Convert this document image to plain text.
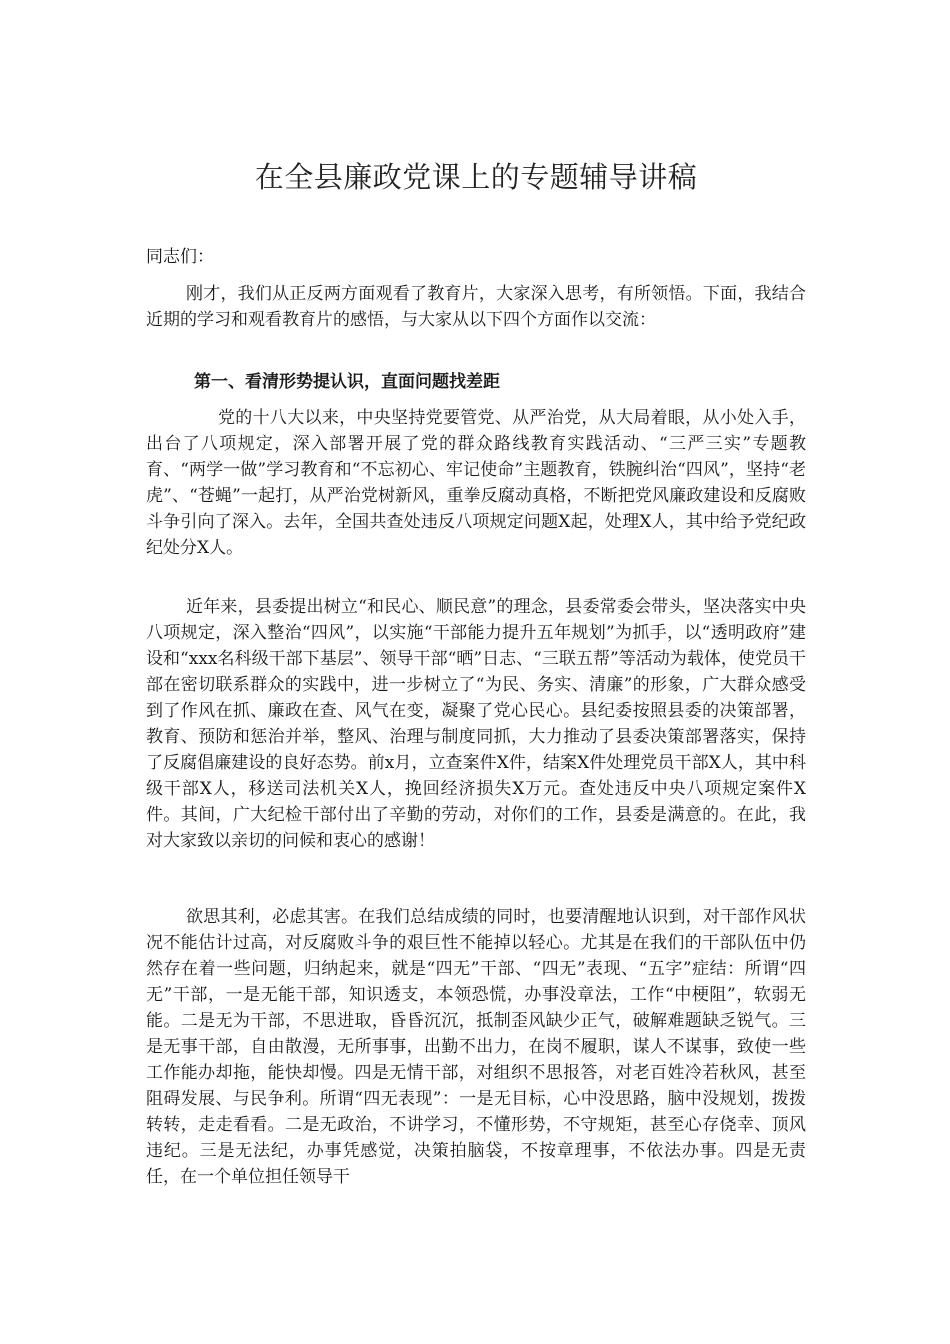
在全县廉政党课上的专题辅导讲稿

同志们：

刚才，我们从正反两方面观看了教育片，大家深入思考，有所领悟。下面，我结合近期的学习和观看教育片的感悟，与大家从以下四个方面作以交流：

第一、看清形势提认识，直面问题找差距

党的十八大以来，中央坚持党要管党、从严治党，从大局着眼，从小处入手，出台了八项规定，深入部署开展了党的群众路线教育实践活动、“三严三实”专题教育、“两学一做”学习教育和“不忘初心、牢记使命”主题教育，铁腕纠治“四风”，坚持“老虎”、“苍蝇”一起打，从严治党树新风，重拳反腐动真格，不断把党风廉政建设和反腐败斗争引向了深入。去年，全国共查处违反八项规定问题X起，处理X人，其中给予党纪政纪处分X人。

近年来，县委提出树立“和民心、顺民意”的理念，县委常委会带头，坚决落实中央八项规定，深入整治“四风”，以实施“干部能力提升五年规划”为抓手，以“透明政府”建设和“xxx名科级干部下基层”、领导干部“晒”日志、“三联五帮”等活动为载体，使党员干部在密切联系群众的实践中，进一步树立了“为民、务实、清廉”的形象，广大群众感受到了作风在抓、廉政在查、风气在变，凝聚了党心民心。县纪委按照县委的决策部署，教育、预防和惩治并举，整风、治理与制度同抓，大力推动了县委决策部署落实，保持了反腐倡廉建设的良好态势。前x月，立查案件X件，结案X件处理党员干部X人，其中科级干部X人，移送司法机关X人，挽回经济损失X万元。查处违反中央八项规定案件X件。其间，广大纪检干部付出了辛勤的劳动，对你们的工作，县委是满意的。在此，我对大家致以亲切的问候和衷心的感谢！

欲思其利，必虑其害。在我们总结成绩的同时，也要清醒地认识到，对干部作风状况不能估计过高，对反腐败斗争的艰巨性不能掉以轻心。尤其是在我们的干部队伍中仍然存在着一些问题，归纳起来，就是“四无”干部、“四无”表现、“五字”症结：所谓“四无”干部，一是无能干部，知识透支，本领恐慌，办事没章法，工作“中梗阻”，软弱无能。二是无为干部，不思进取，昏昏沉沉，抵制歪风缺少正气，破解难题缺乏锐气。三是无事干部，自由散漫，无所事事，出勤不出力，在岗不履职，谋人不谋事，致使一些工作能办却拖，能快却慢。四是无情干部，对组织不思报答，对老百姓冷若秋风，甚至阻碍发展、与民争利。所谓“四无表现”：一是无目标，心中没思路，脑中没规划，拨拨转转，走走看看。二是无政治，不讲学习，不懂形势，不守规矩，甚至心存侥幸、顶风违纪。三是无法纪，办事凭感觉，决策拍脑袋，不按章理事，不依法办事。四是无责任，在一个单位担任领导干
